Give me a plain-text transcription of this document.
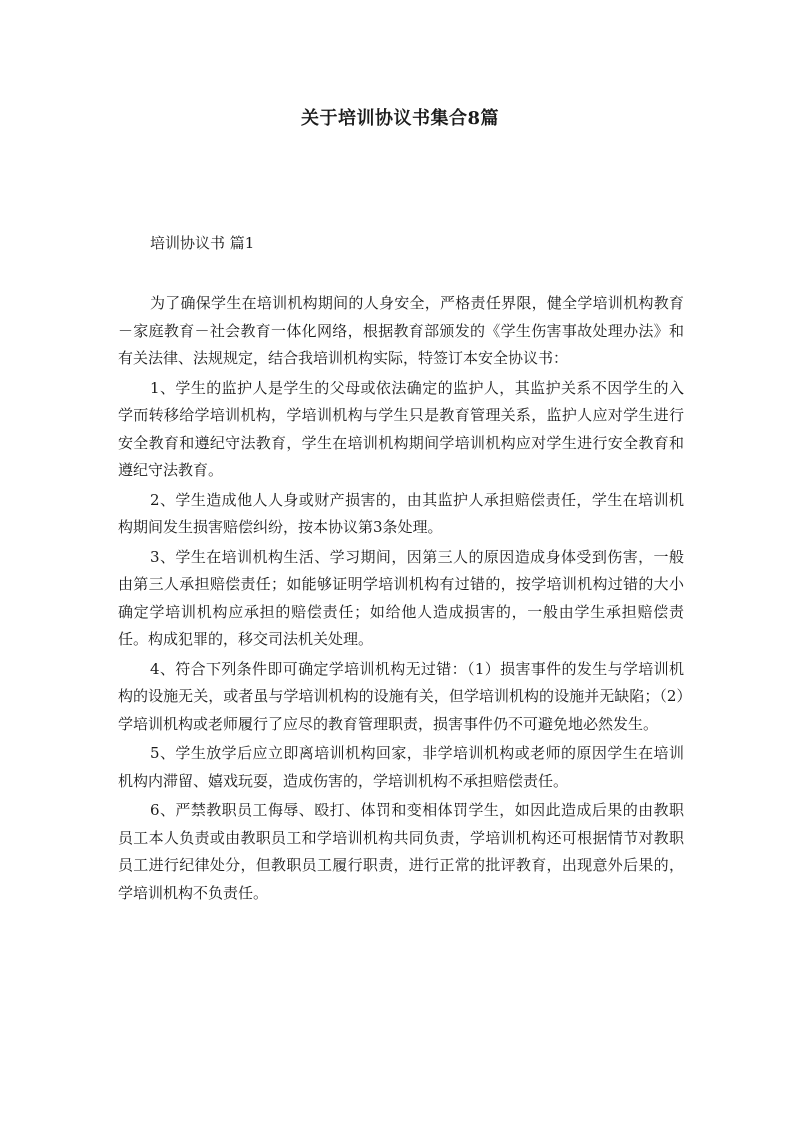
关于培训协议书集合8篇
培训协议书 篇1

为了确保学生在培训机构期间的人身安全，严格责任界限，健全学培训机构教育－家庭教育－社会教育一体化网络，根据教育部颁发的《学生伤害事故处理办法》和有关法律、法规规定，结合我培训机构实际，特签订本安全协议书：

1、学生的监护人是学生的父母或依法确定的监护人，其监护关系不因学生的入学而转移给学培训机构，学培训机构与学生只是教育管理关系，监护人应对学生进行安全教育和遵纪守法教育，学生在培训机构期间学培训机构应对学生进行安全教育和遵纪守法教育。

2、学生造成他人人身或财产损害的，由其监护人承担赔偿责任，学生在培训机构期间发生损害赔偿纠纷，按本协议第3条处理。

3、学生在培训机构生活、学习期间，因第三人的原因造成身体受到伤害，一般由第三人承担赔偿责任；如能够证明学培训机构有过错的，按学培训机构过错的大小确定学培训机构应承担的赔偿责任；如给他人造成损害的，一般由学生承担赔偿责任。构成犯罪的，移交司法机关处理。

4、符合下列条件即可确定学培训机构无过错：（1）损害事件的发生与学培训机构的设施无关，或者虽与学培训机构的设施有关，但学培训机构的设施并无缺陷；（2）学培训机构或老师履行了应尽的教育管理职责，损害事件仍不可避免地必然发生。

5、学生放学后应立即离培训机构回家，非学培训机构或老师的原因学生在培训机构内滞留、嬉戏玩耍，造成伤害的，学培训机构不承担赔偿责任。

6、严禁教职员工侮辱、殴打、体罚和变相体罚学生，如因此造成后果的由教职员工本人负责或由教职员工和学培训机构共同负责，学培训机构还可根据情节对教职员工进行纪律处分，但教职员工履行职责，进行正常的批评教育，出现意外后果的，学培训机构不负责任。
